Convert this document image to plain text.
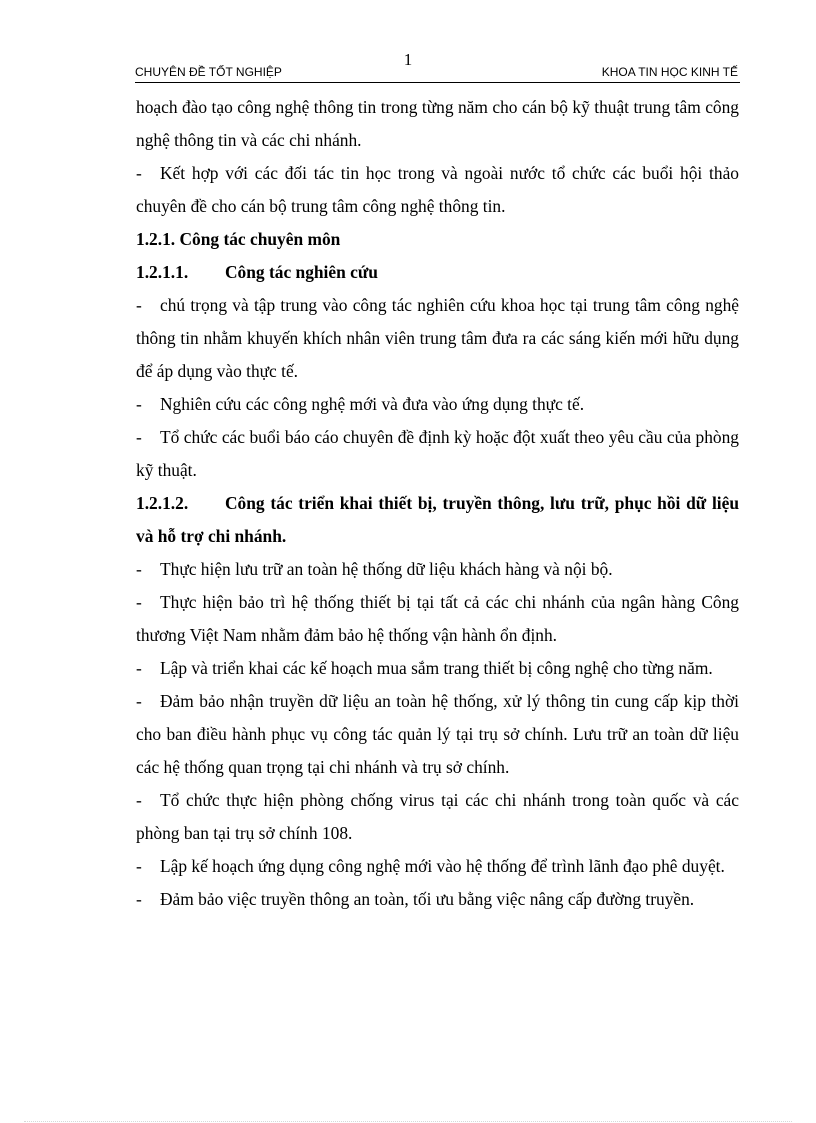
1
CHUYÊN ĐỀ TỐT NGHIỆP	KHOA TIN HỌC KINH TẾ

hoạch đào tạo công nghệ thông tin trong từng năm cho cán bộ kỹ thuật trung tâm công nghệ thông tin và các chi nhánh.

- Kết hợp với các đối tác tin học trong và ngoài nước tổ chức các buổi hội thảo chuyên đề cho cán bộ trung tâm công nghệ thông tin.

1.2.1. Công tác chuyên môn

1.2.1.1. Công tác nghiên cứu

- chú trọng và tập trung vào công tác nghiên cứu khoa học tại trung tâm công nghệ thông tin nhằm khuyến khích nhân viên trung tâm đưa ra các sáng kiến mới hữu dụng để áp dụng vào thực tế.

- Nghiên cứu các công nghệ mới và đưa vào ứng dụng thực tế.

- Tổ chức các buổi báo cáo chuyên đề định kỳ hoặc đột xuất theo yêu cầu của phòng kỹ thuật.

1.2.1.2. Công tác triển khai thiết bị, truyền thông, lưu trữ, phục hồi dữ liệu và hỗ trợ chi nhánh.

- Thực hiện lưu trữ an toàn hệ thống dữ liệu khách hàng và nội bộ.

- Thực hiện bảo trì hệ thống thiết bị tại tất cả các chi nhánh của ngân hàng Công thương Việt Nam nhằm đảm bảo hệ thống vận hành ổn định.

- Lập và triển khai các kế hoạch mua sắm trang thiết bị công nghệ cho từng năm.

- Đảm bảo nhận truyền dữ liệu an toàn hệ thống, xử lý thông tin cung cấp kịp thời cho ban điều hành phục vụ công tác quản lý tại trụ sở chính. Lưu trữ an toàn dữ liệu các hệ thống quan trọng tại chi nhánh và trụ sở chính.

- Tổ chức thực hiện phòng chống virus tại các chi nhánh trong toàn quốc và các phòng ban tại trụ sở chính 108.

- Lập kế hoạch ứng dụng công nghệ mới vào hệ thống để trình lãnh đạo phê duyệt.

- Đảm bảo việc truyền thông an toàn, tối ưu bằng việc nâng cấp đường truyền.
